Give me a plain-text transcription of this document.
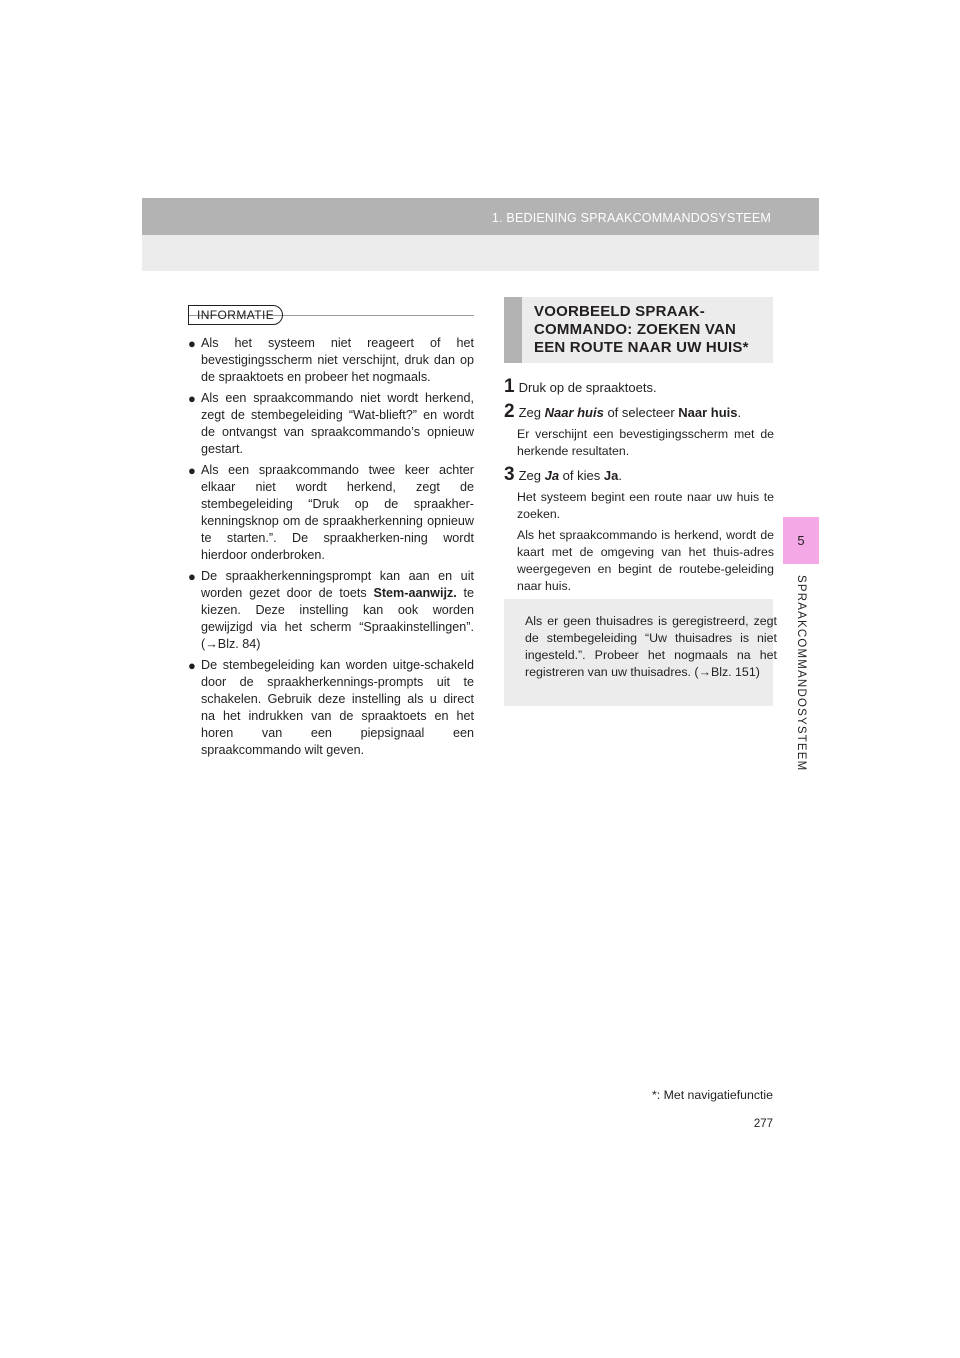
1. BEDIENING SPRAAKCOMMANDOSYSTEEM
5
SPRAAKCOMMANDOSYSTEEM
INFORMATIE
● Als het systeem niet reageert of het bevestigingsscherm niet verschijnt, druk dan op de spraaktoets en probeer het nogmaals.
● Als een spraakcommando niet wordt herkend, zegt de stembegeleiding “Wat-blieft?” en wordt de ontvangst van spraakcommando’s opnieuw gestart.
● Als een spraakcommando twee keer achter elkaar niet wordt herkend, zegt de stembegeleiding “Druk op de spraakher-kenningsknop om de spraakherkenning opnieuw te starten.”. De spraakherken-ning wordt hierdoor onderbroken.
● De spraakherkenningsprompt kan aan en uit worden gezet door de toets Stem-aanwijz. te kiezen. Deze instelling kan ook worden gewijzigd via het scherm “Spraakinstellingen”. (→Blz. 84)
● De stembegeleiding kan worden uitge-schakeld door de spraakherkennings-prompts uit te schakelen. Gebruik deze instelling als u direct na het indrukken van de spraaktoets en het horen van een piepsignaal een spraakcommando wilt geven.
VOORBEELD SPRAAK-
COMMANDO: ZOEKEN VAN
EEN ROUTE NAAR UW HUIS*
1 Druk op de spraaktoets.
2 Zeg Naar huis of selecteer Naar huis.
Er verschijnt een bevestigingsscherm met de herkende resultaten.
3 Zeg Ja of kies Ja.
Het systeem begint een route naar uw huis te zoeken.
Als het spraakcommando is herkend, wordt de kaart met de omgeving van het thuis-adres weergegeven en begint de routebe-geleiding naar huis.
Als er geen thuisadres is geregistreerd, zegt de stembegeleiding “Uw thuisadres is niet ingesteld.”. Probeer het nogmaals na het registreren van uw thuisadres. (→Blz. 151)
*: Met navigatiefunctie
277
